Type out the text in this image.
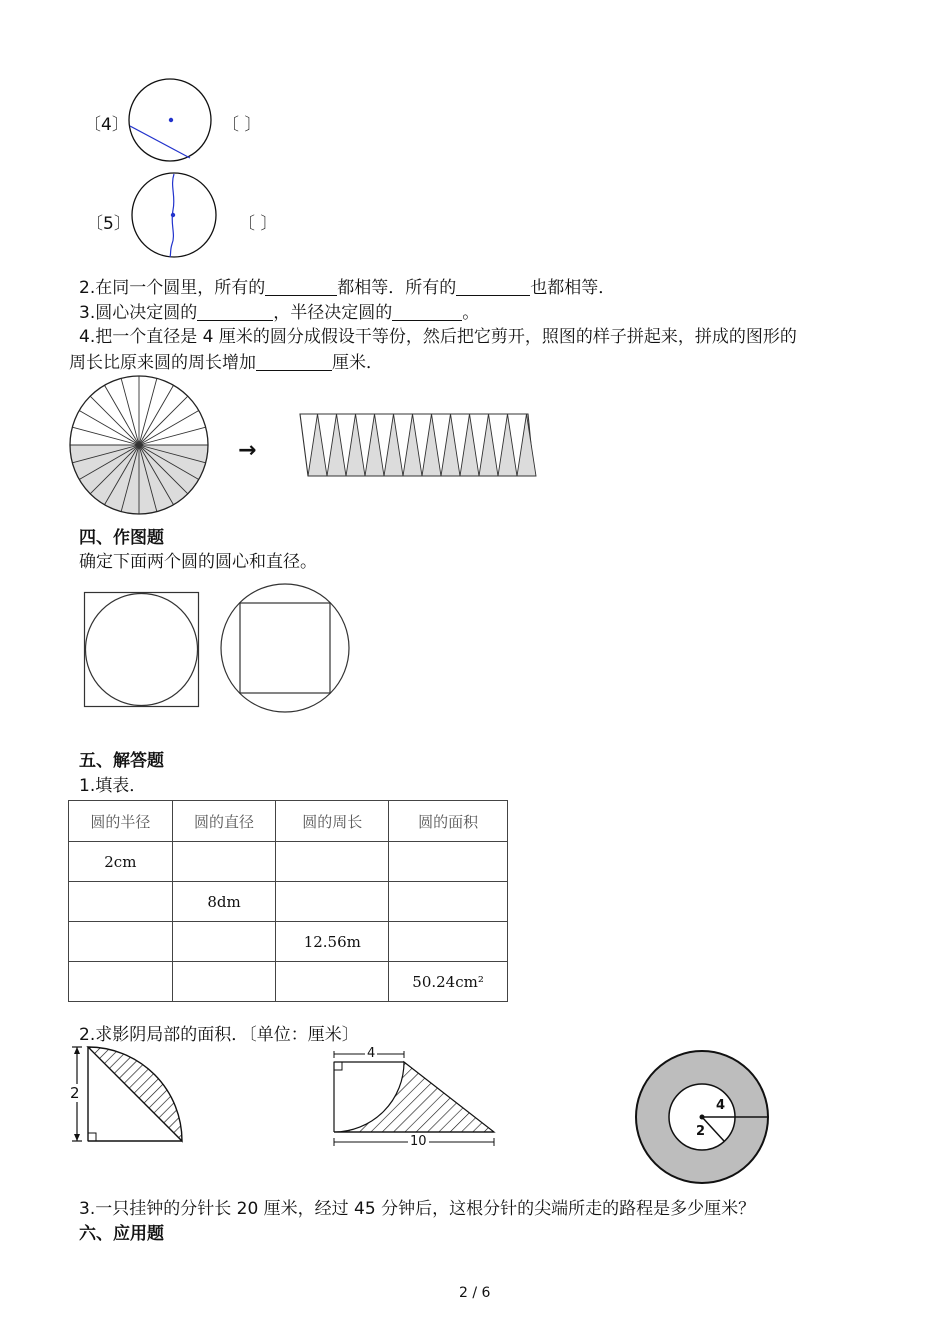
〔4〕	〔 〕
〔5〕	〔 〕
2.在同一个圆里，所有的	都相等．所有的	也都相等．
3.圆心决定圆的	，半径决定圆的	。
4.把一个直径是 4 厘米的圆分成假设干等份，然后把它剪开，照图的样子拼起来，拼成的图形的
周长比原来圆的周长增加	厘米．
→
四、作图题
确定下面两个圆的圆心和直径。
五、解答题
1.填表．
圆的半径	圆的直径	圆的周长	圆的面积
2cm			
	8dm		
		12.56m	
			50.24cm²
2.求影阴局部的面积．〔单位：厘米〕
2
4
10
4
2
3.一只挂钟的分针长 20 厘米，经过 45 分钟后，这根分针的尖端所走的路程是多少厘米？
六、应用题
2 / 6
